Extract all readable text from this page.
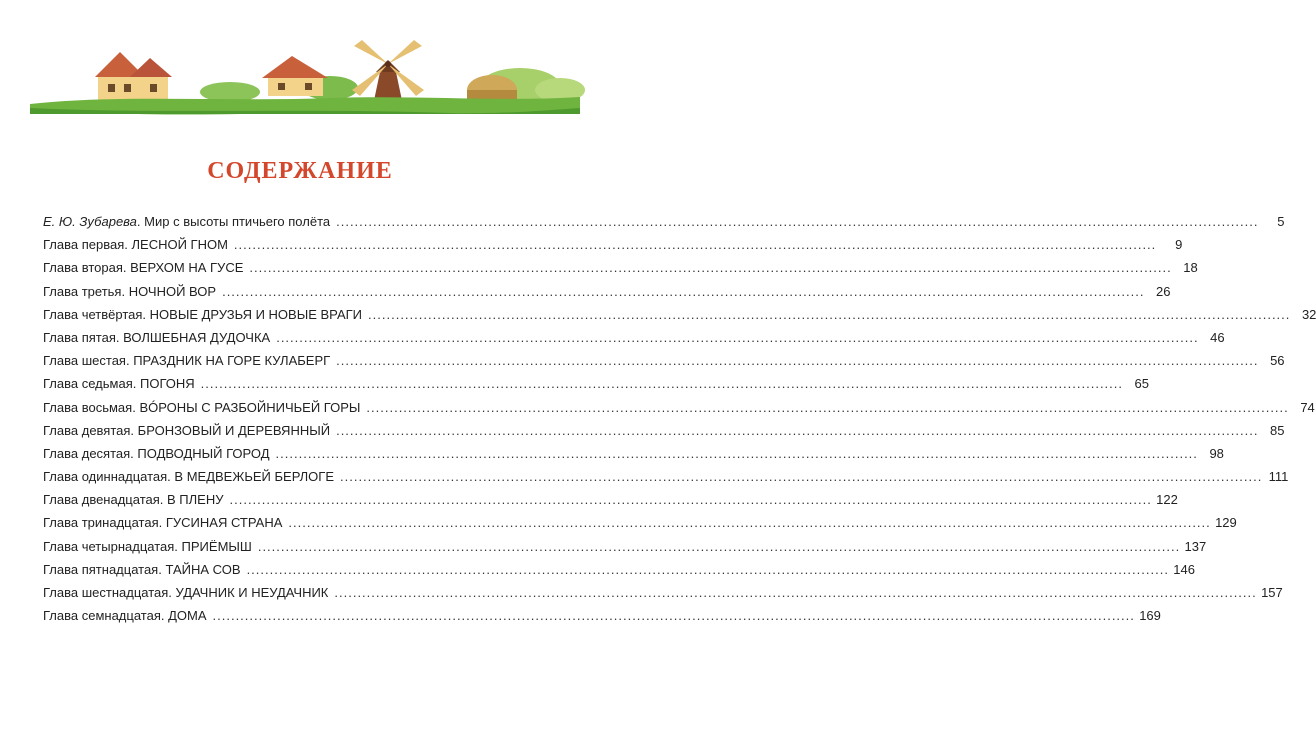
СОДЕРЖАНИЕ
Е. Ю. Зубарева. Мир с высоты птичьего полёта ........................................................................................................................................................................................................	5
Глава первая. ЛЕСНОЙ ГНОМ ........................................................................................................................................................................................................	9
Глава вторая. ВЕРХОМ НА ГУСЕ ........................................................................................................................................................................................................ 18
Глава третья. НОЧНОЙ ВОР ........................................................................................................................................................................................................ 26
Глава четвёртая. НОВЫЕ ДРУЗЬЯ И НОВЫЕ ВРАГИ ........................................................................................................................................................................................................ 32
Глава пятая. ВОЛШЕБНАЯ ДУДОЧКА ........................................................................................................................................................................................................ 46
Глава шестая. ПРАЗДНИК НА ГОРЕ КУЛАБЕРГ ........................................................................................................................................................................................................ 56
Глава седьмая. ПОГОНЯ ........................................................................................................................................................................................................ 65
Глава восьмая. ВÓРОНЫ С РАЗБОЙНИЧЬЕЙ ГОРЫ ........................................................................................................................................................................................................ 74
Глава девятая. БРОНЗОВЫЙ И ДЕРЕВЯННЫЙ ........................................................................................................................................................................................................ 85
Глава десятая. ПОДВОДНЫЙ ГОРОД ........................................................................................................................................................................................................ 98
Глава одиннадцатая. В МЕДВЕЖЬЕЙ БЕРЛОГЕ ........................................................................................................................................................................................................ 111
Глава двенадцатая. В ПЛЕНУ ........................................................................................................................................................................................................ 122
Глава тринадцатая. ГУСИНАЯ СТРАНА ........................................................................................................................................................................................................ 129
Глава четырнадцатая. ПРИЁМЫШ ........................................................................................................................................................................................................ 137
Глава пятнадцатая. ТАЙНА СОВ ........................................................................................................................................................................................................ 146
Глава шестнадцатая. УДАЧНИК И НЕУДАЧНИК ........................................................................................................................................................................................................ 157
Глава семнадцатая. ДОМА ........................................................................................................................................................................................................ 169
